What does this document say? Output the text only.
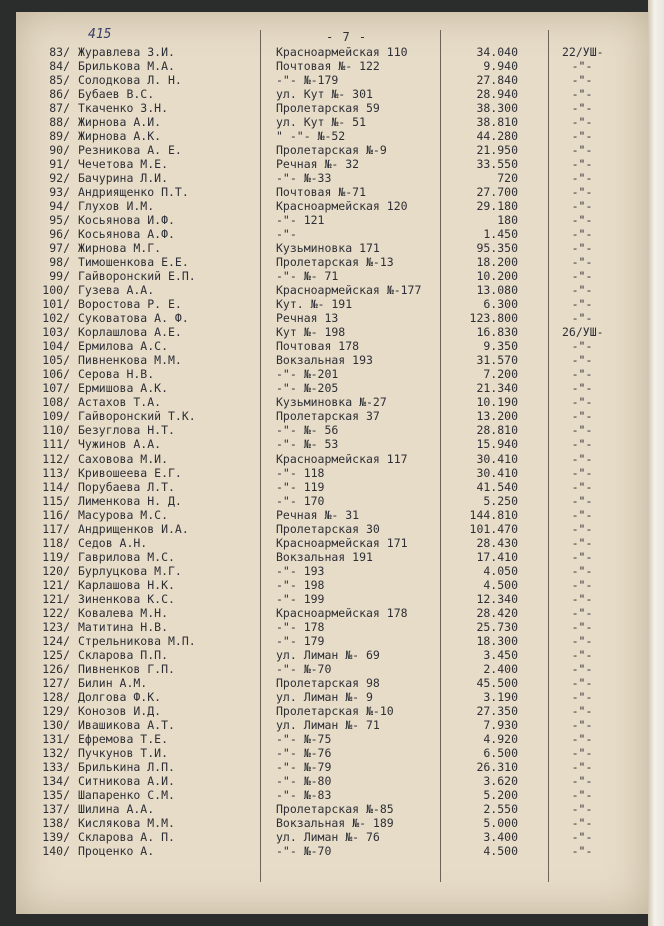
- 7 -
415
83/ Журавлева З.И.	Красноармейская 110	34.040	22/УШ-
84/ Брилькова М.А.	Почтовая №- 122	9.940	-"-
85/ Солодкова Л. Н.	-"- №-179	27.840	-"-
86/ Бубаев В.С.	ул. Кут №- 301	28.940	-"-
87/ Ткаченко З.Н.	Пролетарская 59	38.300	-"-
88/ Жирнова А.И.	ул. Кут №- 51	38.810	-"-
89/ Жирнова А.К.	" -"- №-52	44.280	-"-
90/ Резникова А. Е.	Пролетарская №-9	21.950	-"-
91/ Чечетова М.Е.	Речная №- 32	33.550	-"-
92/ Бачурина Л.И.	-"- №-33	720	-"-
93/ Андриященко П.Т.	Почтовая №-71	27.700	-"-
94/ Глухов И.М.	Красноармейская 120	29.180	-"-
95/ Косьянова И.Ф.	-"- 121	180	-"-
96/ Косьянова А.Ф.	-"-	1.450	-"-
97/ Жирнова М.Г.	Кузьминовка 171	95.350	-"-
98/ Тимошенкова Е.Е.	Пролетарская №-13	18.200	-"-
99/ Гайворонский Е.П.	-"- №- 71	10.200	-"-
100/ Гузева А.А.	Красноармейская №-177	13.080	-"-
101/ Воростова Р. Е.	Кут. №- 191	6.300	-"-
102/ Суковатова А. Ф.	Речная 13	123.800	-"-
103/ Корлашлова А.Е.	Кут №- 198	16.830	26/УШ-
104/ Ермилова А.С.	Почтовая 178	9.350	-"-
105/ Пивненкова М.М.	Вокзальная 193	31.570	-"-
106/ Серова Н.В.	-"- №-201	7.200	-"-
107/ Ермишова А.К.	-"- №-205	21.340	-"-
108/ Астахов Т.А.	Кузьминовка №-27	10.190	-"-
109/ Гайворонский Т.К.	Пролетарская 37	13.200	-"-
110/ Безуглова Н.Т.	-"- №- 56	28.810	-"-
111/ Чужинов А.А.	-"- №- 53	15.940	-"-
112/ Саховова М.И.	Красноармейская 117	30.410	-"-
113/ Кривошеева Е.Г.	-"- 118	30.410	-"-
114/ Порубаева Л.Т.	-"- 119	41.540	-"-
115/ Лименкова Н. Д.	-"- 170	5.250	-"-
116/ Масурова М.С.	Речная №- 31	144.810	-"-
117/ Андрищенков И.А.	Пролетарская 30	101.470	-"-
118/ Седов А.Н.	Красноармейская 171	28.430	-"-
119/ Гаврилова М.С.	Вокзальная 191	17.410	-"-
120/ Бурлуцкова М.Г.	-"- 193	4.050	-"-
121/ Карлашова Н.К.	-"- 198	4.500	-"-
121/ Зиненкова К.С.	-"- 199	12.340	-"-
122/ Ковалева М.Н.	Красноармейская 178	28.420	-"-
123/ Матитина Н.В.	-"- 178	25.730	-"-
124/ Стрельникова М.П.	-"- 179	18.300	-"-
125/ Скларова П.П.	ул. Лиман №- 69	3.450	-"-
126/ Пивненков Г.П.	-"- №-70	2.400	-"-
127/ Билин А.М.	Пролетарская 98	45.500	-"-
128/ Долгова Ф.К.	ул. Лиман №- 9	3.190	-"-
129/ Конозов И.Д.	Пролетарская №-10	27.350	-"-
130/ Ивашикова А.Т.	ул. Лиман №- 71	7.930	-"-
131/ Ефремова Т.Е.	-"- №-75	4.920	-"-
132/ Пучкунов Т.И.	-"- №-76	6.500	-"-
133/ Брилькина Л.П.	-"- №-79	26.310	-"-
134/ Ситникова А.И.	-"- №-80	3.620	-"-
135/ Шапаренко С.М.	-"- №-83	5.200	-"-
137/ Шилина А.А.	Пролетарская №-85	2.550	-"-
138/ Кислякова М.М.	Вокзальная №- 189	5.000	-"-
139/ Скларова А. П.	ул. Лиман №- 76	3.400	-"-
140/ Проценко А.	-"- №-70	4.500	-"-
